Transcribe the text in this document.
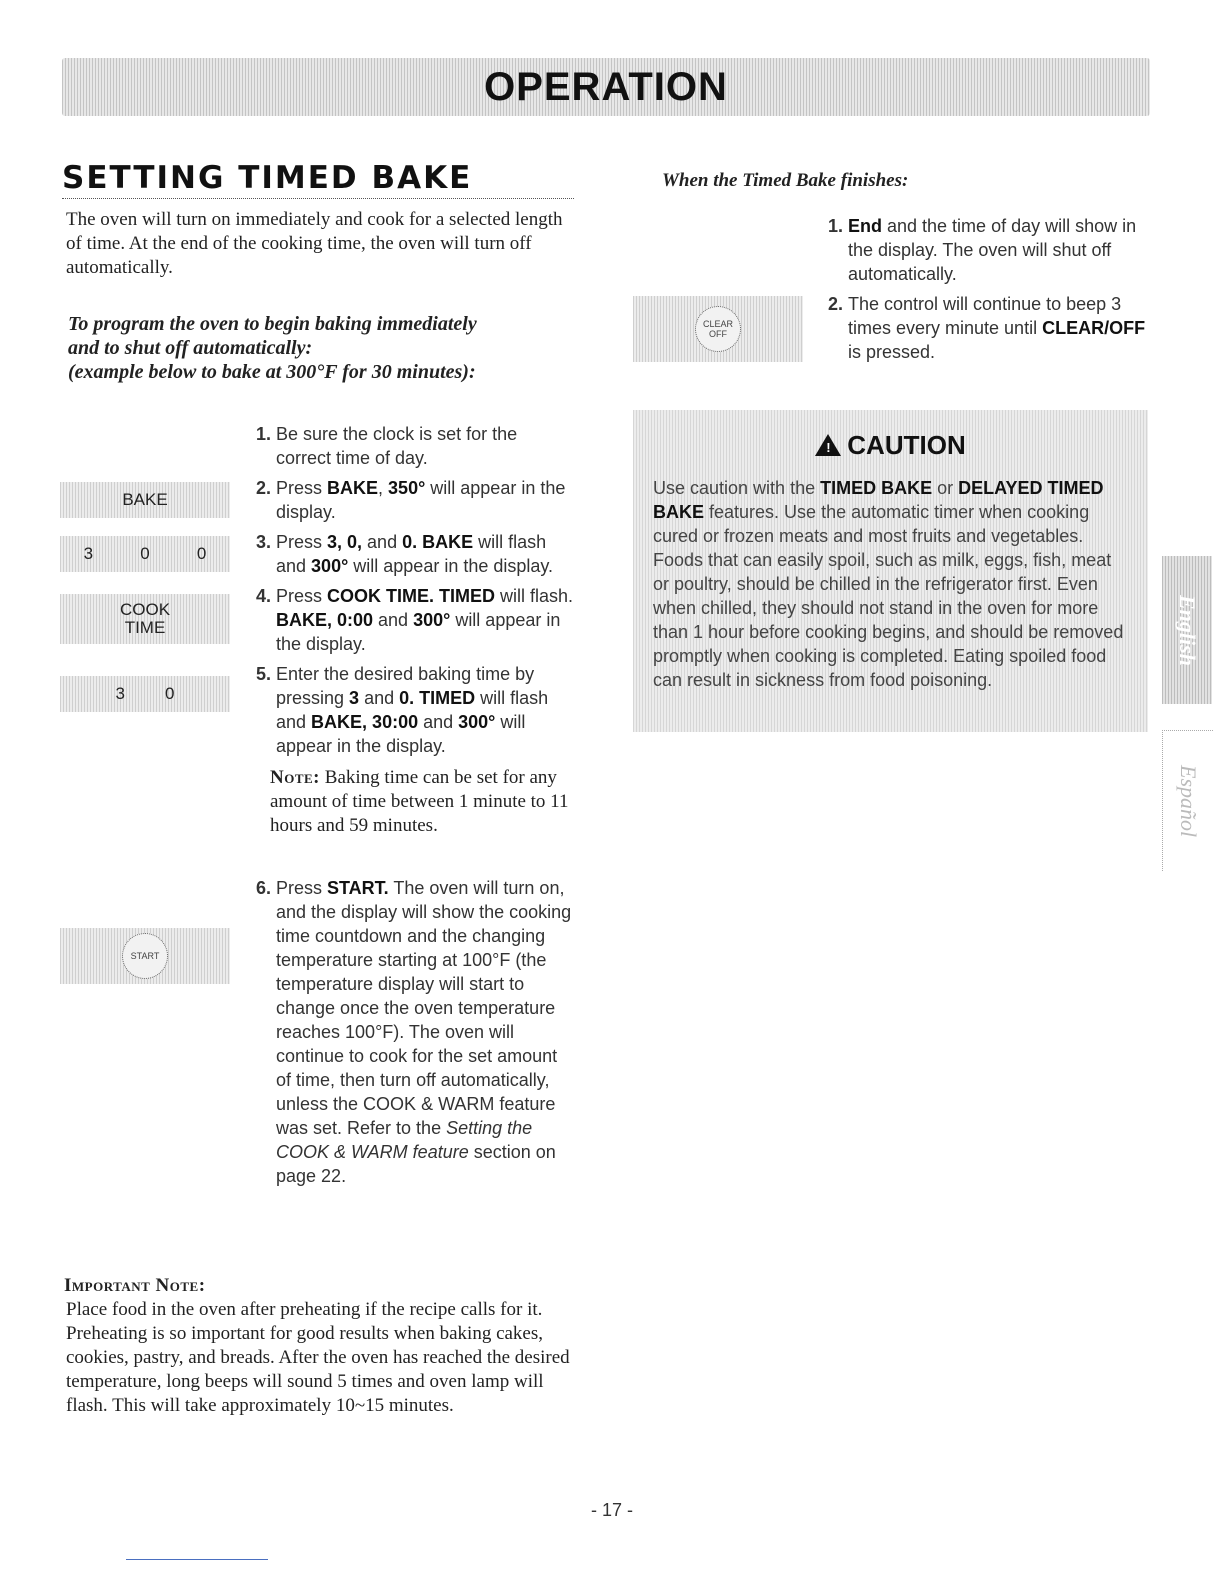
OPERATION
SETTING TIMED BAKE
The oven will turn on immediately and cook for a selected length of time. At the end of the cooking time, the oven will turn off automatically.
To program the oven to begin baking immediately
and to shut off automatically:
(example below to bake at 300°F for 30 minutes):
BAKE
3	0	0
COOK
TIME
3 0
START
1. Be sure the clock is set for the correct time of day.
2. Press BAKE, 350° will appear in the display.
3. Press 3, 0, and 0. BAKE will flash and 300° will appear in the display.
4. Press COOK TIME. TIMED will flash. BAKE, 0:00 and 300° will appear in the display.
5. Enter the desired baking time by pressing 3 and 0. TIMED will flash and BAKE, 30:00 and 300° will appear in the display.
Note: Baking time can be set for any amount of time between 1 minute to 11 hours and 59 minutes.
6. Press START. The oven will turn on, and the display will show the cooking time countdown and the changing temperature starting at 100°F (the temperature display will start to change once the oven temperature reaches 100°F). The oven will continue to cook for the set amount of time, then turn off automatically, unless the COOK & WARM feature was set. Refer to the Setting the COOK & WARM feature section on page 22.
Important Note:
Place food in the oven after preheating if the recipe calls for it. Preheating is so important for good results when baking cakes, cookies, pastry, and breads. After the oven has reached the desired temperature, long beeps will sound 5 times and oven lamp will flash. This will take approximately 10~15 minutes.
When the Timed Bake finishes:
CLEAR
OFF
1. End and the time of day will show in the display. The oven will shut off automatically.
2. The control will continue to beep 3 times every minute until CLEAR/OFF is pressed.
! CAUTION
Use caution with the TIMED BAKE or DELAYED TIMED BAKE features. Use the automatic timer when cooking cured or frozen meats and most fruits and vegetables. Foods that can easily spoil, such as milk, eggs, fish, meat or poultry, should be chilled in the refrigerator first. Even when chilled, they should not stand in the oven for more than 1 hour before cooking begins, and should be removed promptly when cooking is completed. Eating spoiled food can result in sickness from food poisoning.
English
Español
- 17 -
